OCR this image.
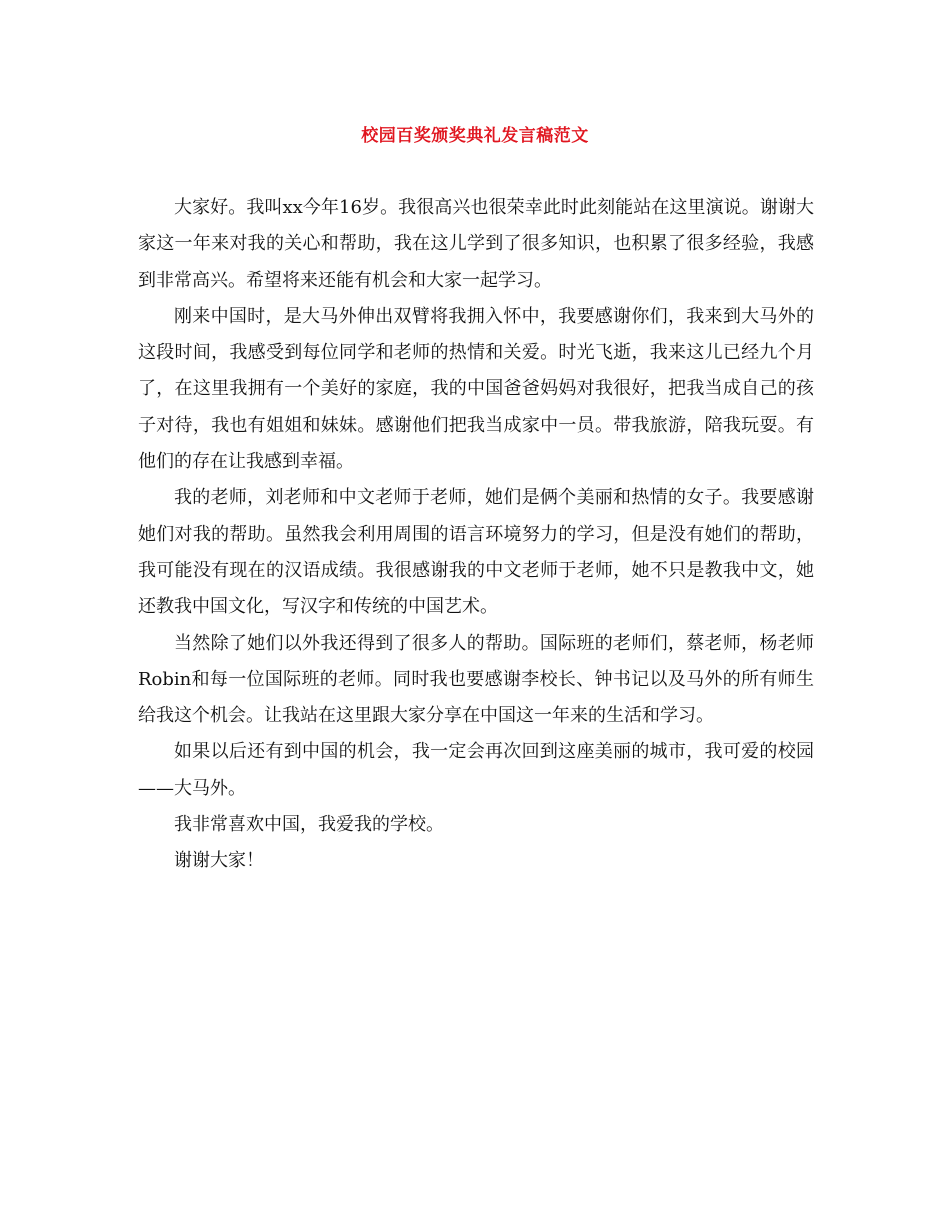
校园百奖颁奖典礼发言稿范文

大家好。我叫xx今年16岁。我很高兴也很荣幸此时此刻能站在这里演说。谢谢大家这一年来对我的关心和帮助，我在这儿学到了很多知识，也积累了很多经验，我感到非常高兴。希望将来还能有机会和大家一起学习。

刚来中国时，是大马外伸出双臂将我拥入怀中，我要感谢你们，我来到大马外的这段时间，我感受到每位同学和老师的热情和关爱。时光飞逝，我来这儿已经九个月了，在这里我拥有一个美好的家庭，我的中国爸爸妈妈对我很好，把我当成自己的孩子对待，我也有姐姐和妹妹。感谢他们把我当成家中一员。带我旅游，陪我玩耍。有他们的存在让我感到幸福。

我的老师，刘老师和中文老师于老师，她们是俩个美丽和热情的女子。我要感谢她们对我的帮助。虽然我会利用周围的语言环境努力的学习，但是没有她们的帮助，我可能没有现在的汉语成绩。我很感谢我的中文老师于老师，她不只是教我中文，她还教我中国文化，写汉字和传统的中国艺术。

当然除了她们以外我还得到了很多人的帮助。国际班的老师们，蔡老师，杨老师Robin和每一位国际班的老师。同时我也要感谢李校长、钟书记以及马外的所有师生给我这个机会。让我站在这里跟大家分享在中国这一年来的生活和学习。

如果以后还有到中国的机会，我一定会再次回到这座美丽的城市，我可爱的校园——大马外。

我非常喜欢中国，我爱我的学校。

谢谢大家！
